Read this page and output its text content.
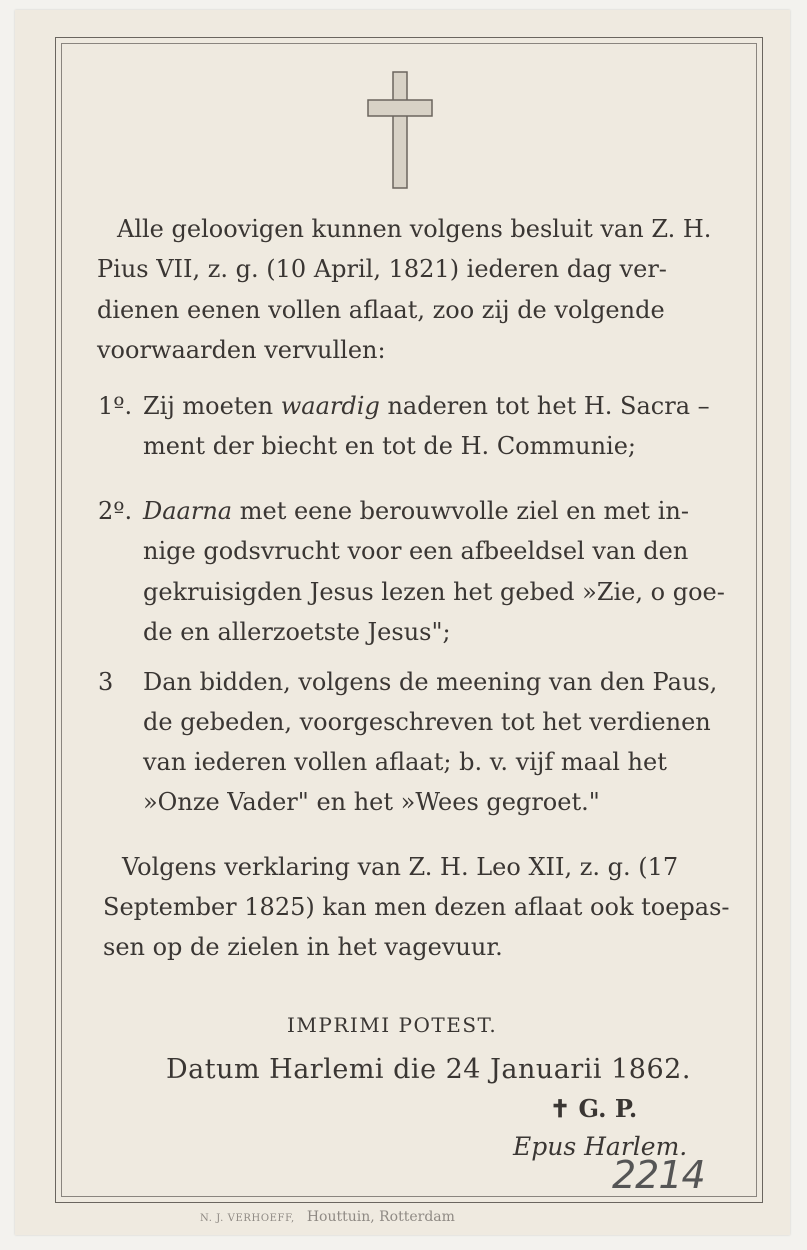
Alle geloovigen kunnen volgens besluit van Z. H.
Pius VII, z. g. (10 April, 1821) iederen dag ver-
dienen eenen vollen aflaat, zoo zij de volgende
voorwaarden vervullen:
1º. Zij moeten waardig naderen tot het H. Sacra –
ment der biecht en tot de H. Communie;
2º. Daarna met eene berouwvolle ziel en met in-
nige godsvrucht voor een afbeeldsel van den
gekruisigden Jesus lezen het gebed »Zie, o goe-
de en allerzoetste Jesus";
3 Dan bidden, volgens de meening van den Paus,
de gebeden, voorgeschreven tot het verdienen
van iederen vollen aflaat; b. v. vijf maal het
»Onze Vader" en het »Wees gegroet."
Volgens verklaring van Z. H. Leo XII, z. g. (17
September 1825) kan men dezen aflaat ook toepas-
sen op de zielen in het vagevuur.
IMPRIMI POTEST.
Datum Harlemi die 24 Januarii 1862.
✝ G. P.
Epus Harlem.
2214
N. J. VERHOEFF, Houttuin, Rotterdam
